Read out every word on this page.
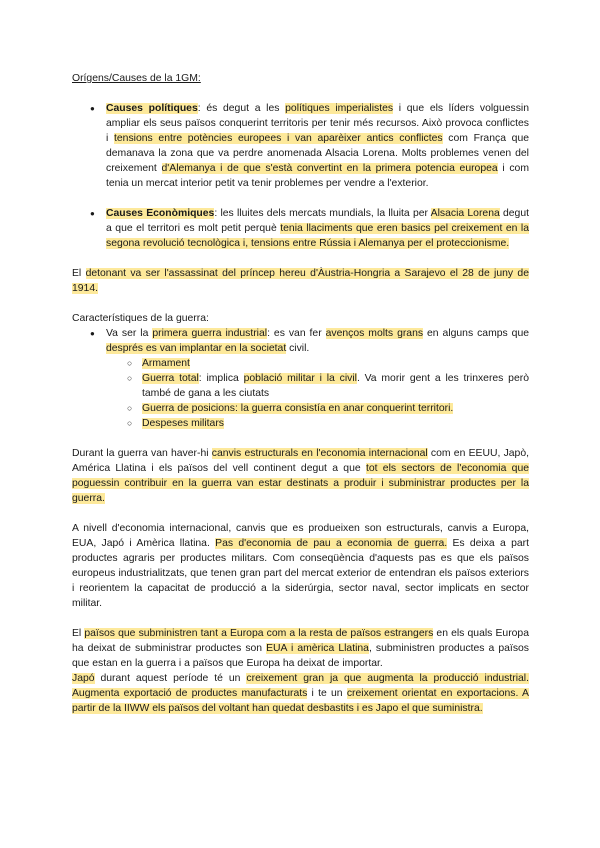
Orígens/Causes de la 1GM:

● Causes polítiques: és degut a les polítiques imperialistes i que els líders volguessin ampliar els seus països conquerint territoris per tenir més recursos. Això provoca conflictes i tensions entre potències europees i van aparèixer antics conflictes com França que demanava la zona que va perdre anomenada Alsacia Lorena. Molts problemes venen del creixement d'Alemanya i de que s'està convertint en la primera potencia europea i com tenia un mercat interior petit va tenir problemes per vendre a l'exterior.
● Causes Econòmiques: les lluites dels mercats mundials, la lluita per Alsacia Lorena degut a que el territori es molt petit perquè tenia llaciments que eren basics pel creixement en la segona revolució tecnològica i, tensions entre Rússia i Alemanya per el proteccionisme.

El detonant va ser l'assassinat del príncep hereu d'Àustria-Hongria a Sarajevo el 28 de juny de 1914.

Característiques de la guerra:

● Va ser la primera guerra industrial: es van fer avenços molts grans en alguns camps que després es van implantar en la societat civil.
○ Armament
○ Guerra total: implica població militar i la civil. Va morir gent a les trinxeres però també de gana a les ciutats
○ Guerra de posicions: la guerra consistía en anar conquerint territori.
○ Despeses militars

Durant la guerra van haver-hi canvis estructurals en l'economia internacional com en EEUU, Japò, América Llatina i els països del vell continent degut a que tot els sectors de l'economia que poguessin contribuir en la guerra van estar destinats a produir i subministrar productes per la guerra.

A nivell d'economia internacional, canvis que es produeixen son estructurals, canvis a Europa, EUA, Japó i Amèrica llatina. Pas d'economia de pau a economia de guerra. Es deixa a part productes agraris per productes militars. Com conseqüència d'aquests pas es que els països europeus industrialitzats, que tenen gran part del mercat exterior de entendran els països exteriors i reorientem la capacitat de producció a la siderúrgia, sector naval, sector implicats en sector militar.

El països que subministren tant a Europa com a la resta de països estrangers en els quals Europa ha deixat de subministrar productes son EUA i amèrica Llatina, subministren productes a països que estan en la guerra i a països que Europa ha deixat de importar.

Japó durant aquest període té un creixement gran ja que augmenta la producció industrial. Augmenta exportació de productes manufacturats i te un creixement orientat en exportacions. A partir de la IIWW els països del voltant han quedat desbastits i es Japo el que suministra.
